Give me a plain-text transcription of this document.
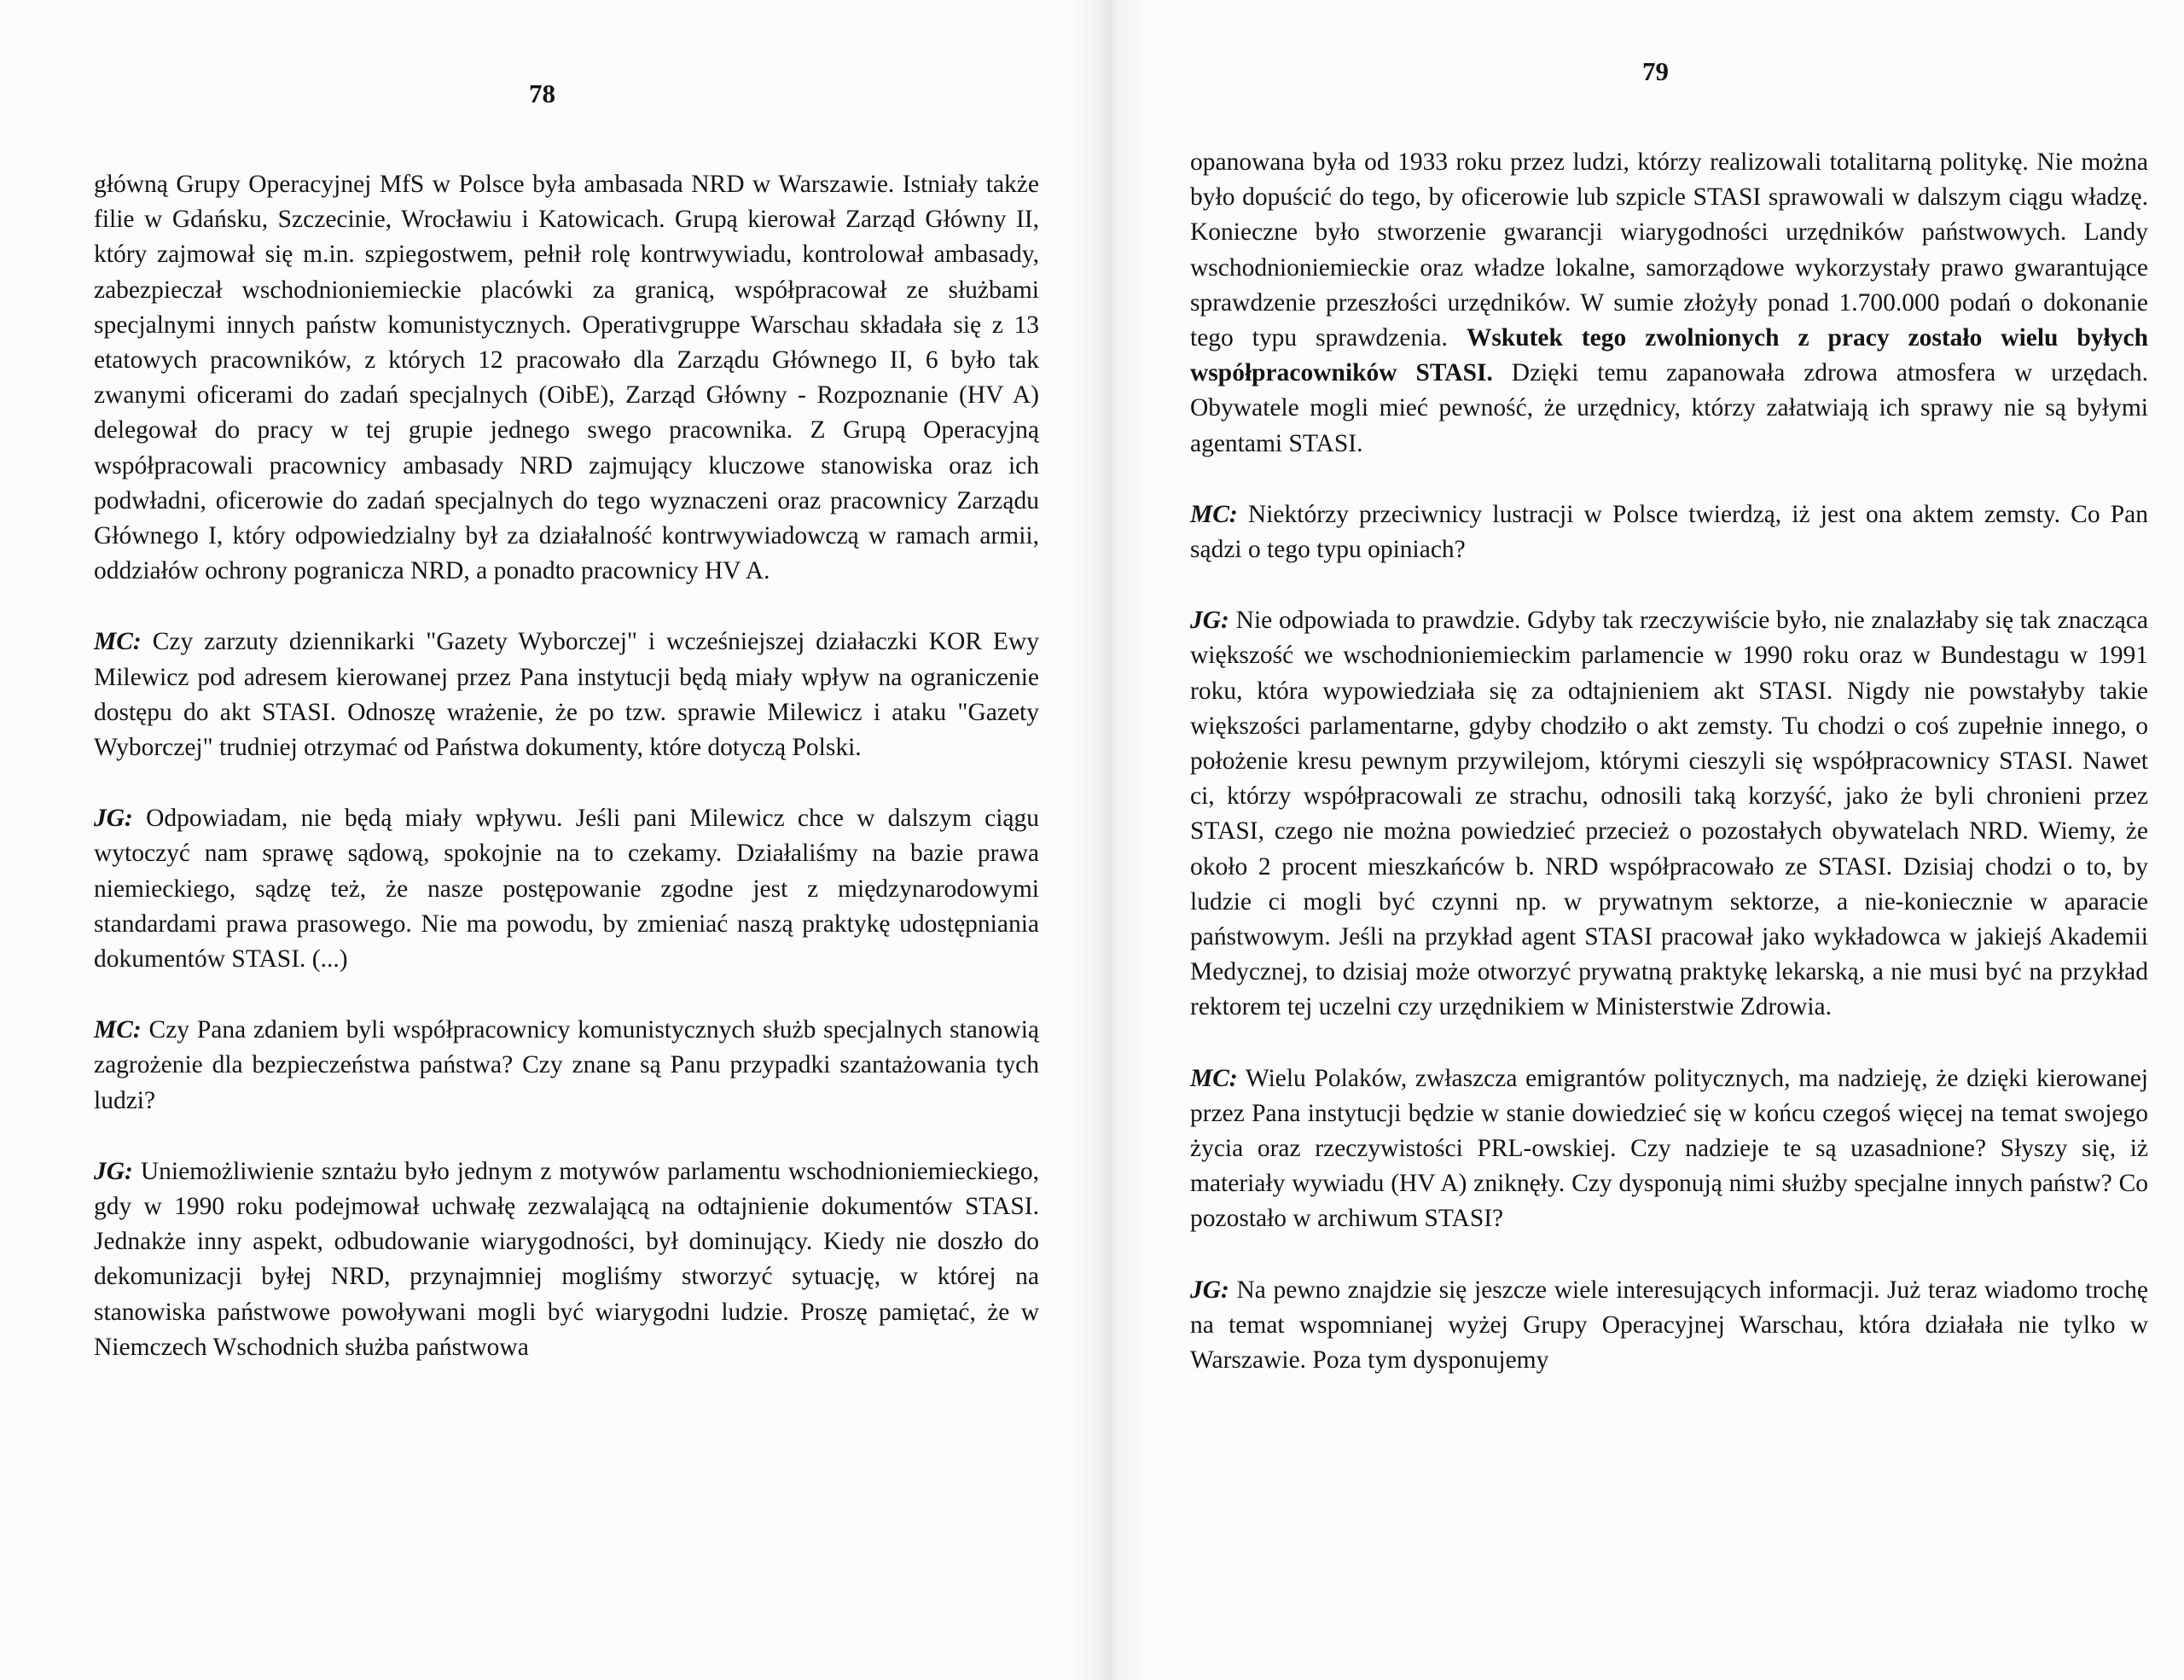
78

główną Grupy Operacyjnej MfS w Polsce była ambasada NRD w Warszawie. Istniały także filie w Gdańsku, Szczecinie, Wrocławiu i Katowicach. Grupą kierował Zarząd Główny II, który zajmował się m.in. szpiegostwem, pełnił rolę kontrwywiadu, kontrolował ambasady, zabezpieczał wschodnioniemieckie placówki za granicą, współpracował ze służbami specjalnymi innych państw komunistycznych. Operativgruppe Warschau składała się z 13 etatowych pracowników, z których 12 pracowało dla Zarządu Głównego II, 6 było tak zwanymi oficerami do zadań specjalnych (OibE), Zarząd Główny - Rozpoznanie (HV A) delegował do pracy w tej grupie jednego swego pracownika. Z Grupą Operacyjną współpracowali pracownicy ambasady NRD zajmujący kluczowe stanowiska oraz ich podwładni, oficerowie do zadań specjalnych do tego wyznaczeni oraz pracownicy Zarządu Głównego I, który odpowiedzialny był za działalność kontrwywiadowczą w ramach armii, oddziałów ochrony pogranicza NRD, a ponadto pracownicy HV A.

MC: Czy zarzuty dziennikarki "Gazety Wyborczej" i wcześniejszej działaczki KOR Ewy Milewicz pod adresem kierowanej przez Pana instytucji będą miały wpływ na ograniczenie dostępu do akt STASI. Odnoszę wrażenie, że po tzw. sprawie Milewicz i ataku "Gazety Wyborczej" trudniej otrzymać od Państwa dokumenty, które dotyczą Polski.

JG: Odpowiadam, nie będą miały wpływu. Jeśli pani Milewicz chce w dalszym ciągu wytoczyć nam sprawę sądową, spokojnie na to czekamy. Działaliśmy na bazie prawa niemieckiego, sądzę też, że nasze postępowanie zgodne jest z międzynarodowymi standardami prawa prasowego. Nie ma powodu, by zmieniać naszą praktykę udostępniania dokumentów STASI. (...)

MC: Czy Pana zdaniem byli współpracownicy komunistycznych służb specjalnych stanowią zagrożenie dla bezpieczeństwa państwa? Czy znane są Panu przypadki szantażowania tych ludzi?

JG: Uniemożliwienie szntażu było jednym z motywów parlamentu wschodnioniemieckiego, gdy w 1990 roku podejmował uchwałę zezwalającą na odtajnienie dokumentów STASI. Jednakże inny aspekt, odbudowanie wiarygodności, był dominujący. Kiedy nie doszło do dekomunizacji byłej NRD, przynajmniej mogliśmy stworzyć sytuację, w której na stanowiska państwowe powoływani mogli być wiarygodni ludzie. Proszę pamiętać, że w Niemczech Wschodnich służba państwowa

79

opanowana była od 1933 roku przez ludzi, którzy realizowali totalitarną politykę. Nie można było dopuścić do tego, by oficerowie lub szpicle STASI sprawowali w dalszym ciągu władzę. Konieczne było stworzenie gwarancji wiarygodności urzędników państwowych. Landy wschodnioniemieckie oraz władze lokalne, samorządowe wykorzystały prawo gwarantujące sprawdzenie przeszłości urzędników. W sumie złożyły ponad 1.700.000 podań o dokonanie tego typu sprawdzenia. Wskutek tego zwolnionych z pracy zostało wielu byłych współpracowników STASI. Dzięki temu zapanowała zdrowa atmosfera w urzędach. Obywatele mogli mieć pewność, że urzędnicy, którzy załatwiają ich sprawy nie są byłymi agentami STASI.

MC: Niektórzy przeciwnicy lustracji w Polsce twierdzą, iż jest ona aktem zemsty. Co Pan sądzi o tego typu opiniach?

JG: Nie odpowiada to prawdzie. Gdyby tak rzeczywiście było, nie znalazłaby się tak znacząca większość we wschodnioniemieckim parlamencie w 1990 roku oraz w Bundestagu w 1991 roku, która wypowiedziała się za odtajnieniem akt STASI. Nigdy nie powstałyby takie większości parlamentarne, gdyby chodziło o akt zemsty. Tu chodzi o coś zupełnie innego, o położenie kresu pewnym przywilejom, którymi cieszyli się współpracownicy STASI. Nawet ci, którzy współpracowali ze strachu, odnosili taką korzyść, jako że byli chronieni przez STASI, czego nie można powiedzieć przecież o pozostałych obywatelach NRD. Wiemy, że około 2 procent mieszkańców b. NRD współpracowało ze STASI. Dzisiaj chodzi o to, by ludzie ci mogli być czynni np. w prywatnym sektorze, a nie-koniecznie w aparacie państwowym. Jeśli na przykład agent STASI pracował jako wykładowca w jakiejś Akademii Medycznej, to dzisiaj może otworzyć prywatną praktykę lekarską, a nie musi być na przykład rektorem tej uczelni czy urzędnikiem w Ministerstwie Zdrowia.

MC: Wielu Polaków, zwłaszcza emigrantów politycznych, ma nadzieję, że dzięki kierowanej przez Pana instytucji będzie w stanie dowiedzieć się w końcu czegoś więcej na temat swojego życia oraz rzeczywistości PRL-owskiej. Czy nadzieje te są uzasadnione? Słyszy się, iż materiały wywiadu (HV A) zniknęły. Czy dysponują nimi służby specjalne innych państw? Co pozostało w archiwum STASI?

JG: Na pewno znajdzie się jeszcze wiele interesujących informacji. Już teraz wiadomo trochę na temat wspomnianej wyżej Grupy Operacyjnej Warschau, która działała nie tylko w Warszawie. Poza tym dysponujemy
